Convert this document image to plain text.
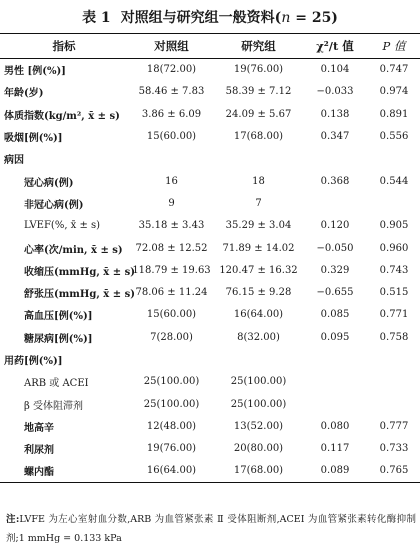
表 1 对照组与研究组一般资料(n = 25)
指标	对照组	研究组	χ²/t 值	P 值
男性 [例(%)]	18(72.00)	19(76.00)	0.104	0.747
年龄(岁)	58.46 ± 7.83	58.39 ± 7.12	−0.033	0.974
体质指数(kg/m², x̄ ± s)	3.86 ± 6.09	24.09 ± 5.67	0.138	0.891
吸烟[例(%)]	15(60.00)	17(68.00)	0.347	0.556
病因				
冠心病(例)	16	18	0.368	0.544
非冠心病(例)	9	7		
LVEF(%, x̄ ± s)	35.18 ± 3.43	35.29 ± 3.04	0.120	0.905
心率(次/min, x̄ ± s)	72.08 ± 12.52	71.89 ± 14.02	−0.050	0.960
收缩压(mmHg, x̄ ± s)	118.79 ± 19.63	120.47 ± 16.32	0.329	0.743
舒张压(mmHg, x̄ ± s)	78.06 ± 11.24	76.15 ± 9.28	−0.655	0.515
高血压[例(%)]	15(60.00)	16(64.00)	0.085	0.771
糖尿病[例(%)]	7(28.00)	8(32.00)	0.095	0.758
用药[例(%)]				
ARB 或 ACEI	25(100.00)	25(100.00)		
β 受体阻滞剂	25(100.00)	25(100.00)		
地高辛	12(48.00)	13(52.00)	0.080	0.777
利尿剂	19(76.00)	20(80.00)	0.117	0.733
螺内酯	16(64.00)	17(68.00)	0.089	0.765
注:LVFE 为左心室射血分数,ARB 为血管紧张素 Ⅱ 受体阻断剂,ACEI 为血管紧张素转化酶抑制剂;1 mmHg = 0.133 kPa
